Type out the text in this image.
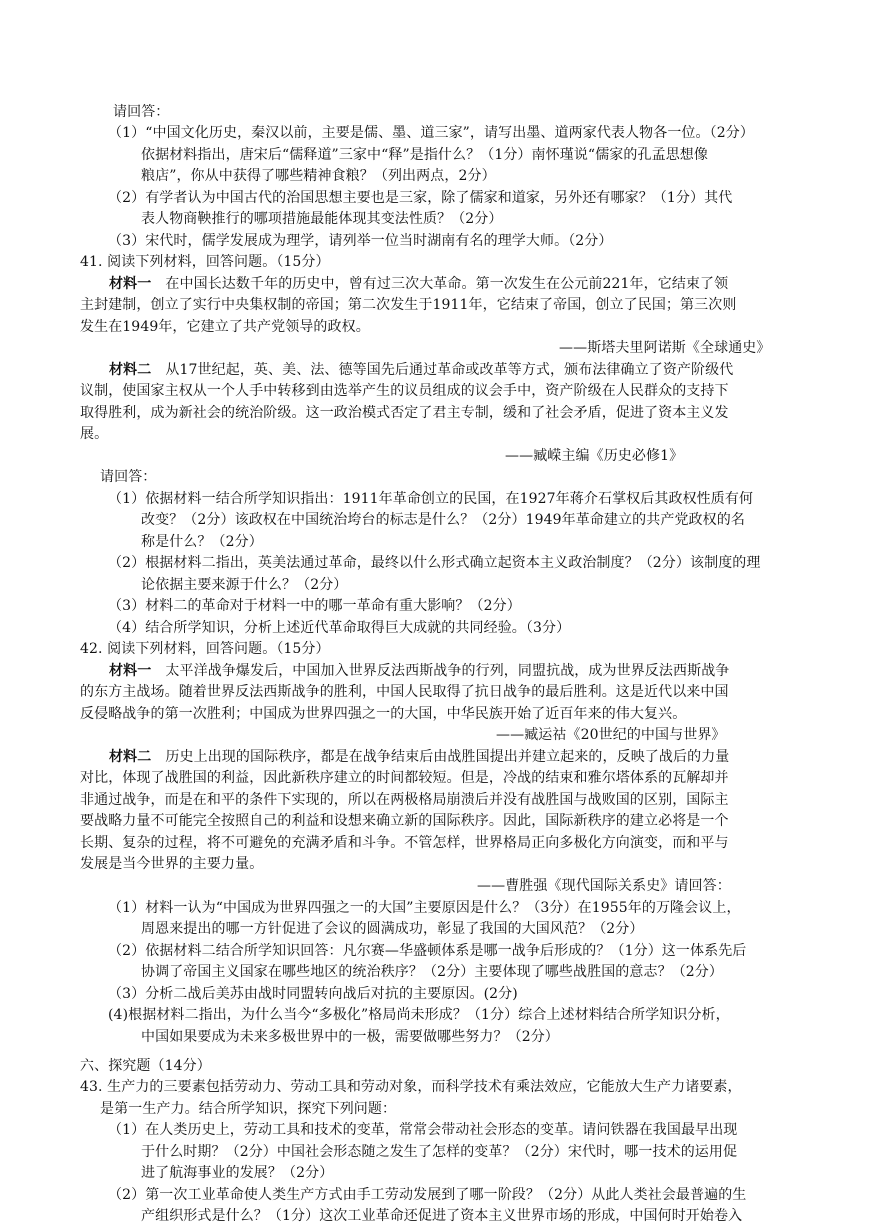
请回答：
（1）“中国文化历史，秦汉以前，主要是儒、墨、道三家”，请写出墨、道两家代表人物各一位。（2分）
依据材料指出，唐宋后“儒释道”三家中“释”是指什么？（1分）南怀瑾说“儒家的孔孟思想像
粮店”，你从中获得了哪些精神食粮？（列出两点，2分）
（2）有学者认为中国古代的治国思想主要也是三家，除了儒家和道家，另外还有哪家？（1分）其代
表人物商鞅推行的哪项措施最能体现其变法性质？（2分）
（3）宋代时，儒学发展成为理学，请列举一位当时湖南有名的理学大师。（2分）
41. 阅读下列材料，回答问题。（15分）
材料一　在中国长达数千年的历史中，曾有过三次大革命。第一次发生在公元前221年，它结束了领
主封建制，创立了实行中央集权制的帝国；第二次发生于1911年，它结束了帝国，创立了民国；第三次则
发生在1949年，它建立了共产党领导的政权。
——斯塔夫里阿诺斯《全球通史》
材料二　从17世纪起，英、美、法、德等国先后通过革命或改革等方式，颁布法律确立了资产阶级代
议制，使国家主权从一个人手中转移到由选举产生的议员组成的议会手中，资产阶级在人民群众的支持下
取得胜利，成为新社会的统治阶级。这一政治模式否定了君主专制，缓和了社会矛盾，促进了资本主义发
展。
——臧嵘主编《历史必修1》
请回答：
（1）依据材料一结合所学知识指出：1911年革命创立的民国，在1927年蒋介石掌权后其政权性质有何
改变？（2分）该政权在中国统治垮台的标志是什么？（2分）1949年革命建立的共产党政权的名
称是什么？（2分）
（2）根据材料二指出，英美法通过革命，最终以什么形式确立起资本主义政治制度？（2分）该制度的理
论依据主要来源于什么？（2分）
（3）材料二的革命对于材料一中的哪一革命有重大影响？（2分）
（4）结合所学知识，分析上述近代革命取得巨大成就的共同经验。（3分）
42. 阅读下列材料，回答问题。（15分）
材料一　太平洋战争爆发后，中国加入世界反法西斯战争的行列，同盟抗战，成为世界反法西斯战争
的东方主战场。随着世界反法西斯战争的胜利，中国人民取得了抗日战争的最后胜利。这是近代以来中国
反侵略战争的第一次胜利；中国成为世界四强之一的大国，中华民族开始了近百年来的伟大复兴。
——臧运祜《20世纪的中国与世界》
材料二　历史上出现的国际秩序，都是在战争结束后由战胜国提出并建立起来的，反映了战后的力量
对比，体现了战胜国的利益，因此新秩序建立的时间都较短。但是，冷战的结束和雅尔塔体系的瓦解却并
非通过战争，而是在和平的条件下实现的，所以在两极格局崩溃后并没有战胜国与战败国的区别，国际主
要战略力量不可能完全按照自己的利益和设想来确立新的国际秩序。因此，国际新秩序的建立必将是一个
长期、复杂的过程，将不可避免的充满矛盾和斗争。不管怎样，世界格局正向多极化方向演变，而和平与
发展是当今世界的主要力量。
——曹胜强《现代国际关系史》请回答：
（1）材料一认为“中国成为世界四强之一的大国”主要原因是什么？（3分）在1955年的万隆会议上，
周恩来提出的哪一方针促进了会议的圆满成功，彰显了我国的大国风范？（2分）
（2）依据材料二结合所学知识回答：凡尔赛—华盛顿体系是哪一战争后形成的？（1分）这一体系先后
协调了帝国主义国家在哪些地区的统治秩序？（2分）主要体现了哪些战胜国的意志？（2分）
（3）分析二战后美苏由战时同盟转向战后对抗的主要原因。(2分)
(4)根据材料二指出，为什么当今“多极化”格局尚未形成？（1分）综合上述材料结合所学知识分析，
中国如果要成为未来多极世界中的一极，需要做哪些努力？（2分）
六、探究题（14分）
43. 生产力的三要素包括劳动力、劳动工具和劳动对象，而科学技术有乘法效应，它能放大生产力诸要素，
是第一生产力。结合所学知识，探究下列问题：
（1）在人类历史上，劳动工具和技术的变革，常常会带动社会形态的变革。请问铁器在我国最早出现
于什么时期？（2分）中国社会形态随之发生了怎样的变革？（2分）宋代时，哪一技术的运用促
进了航海事业的发展？（2分）
（2）第一次工业革命使人类生产方式由手工劳动发展到了哪一阶段？（2分）从此人类社会最普遍的生
产组织形式是什么？（1分）这次工业革命还促进了资本主义世界市场的形成，中国何时开始卷入
